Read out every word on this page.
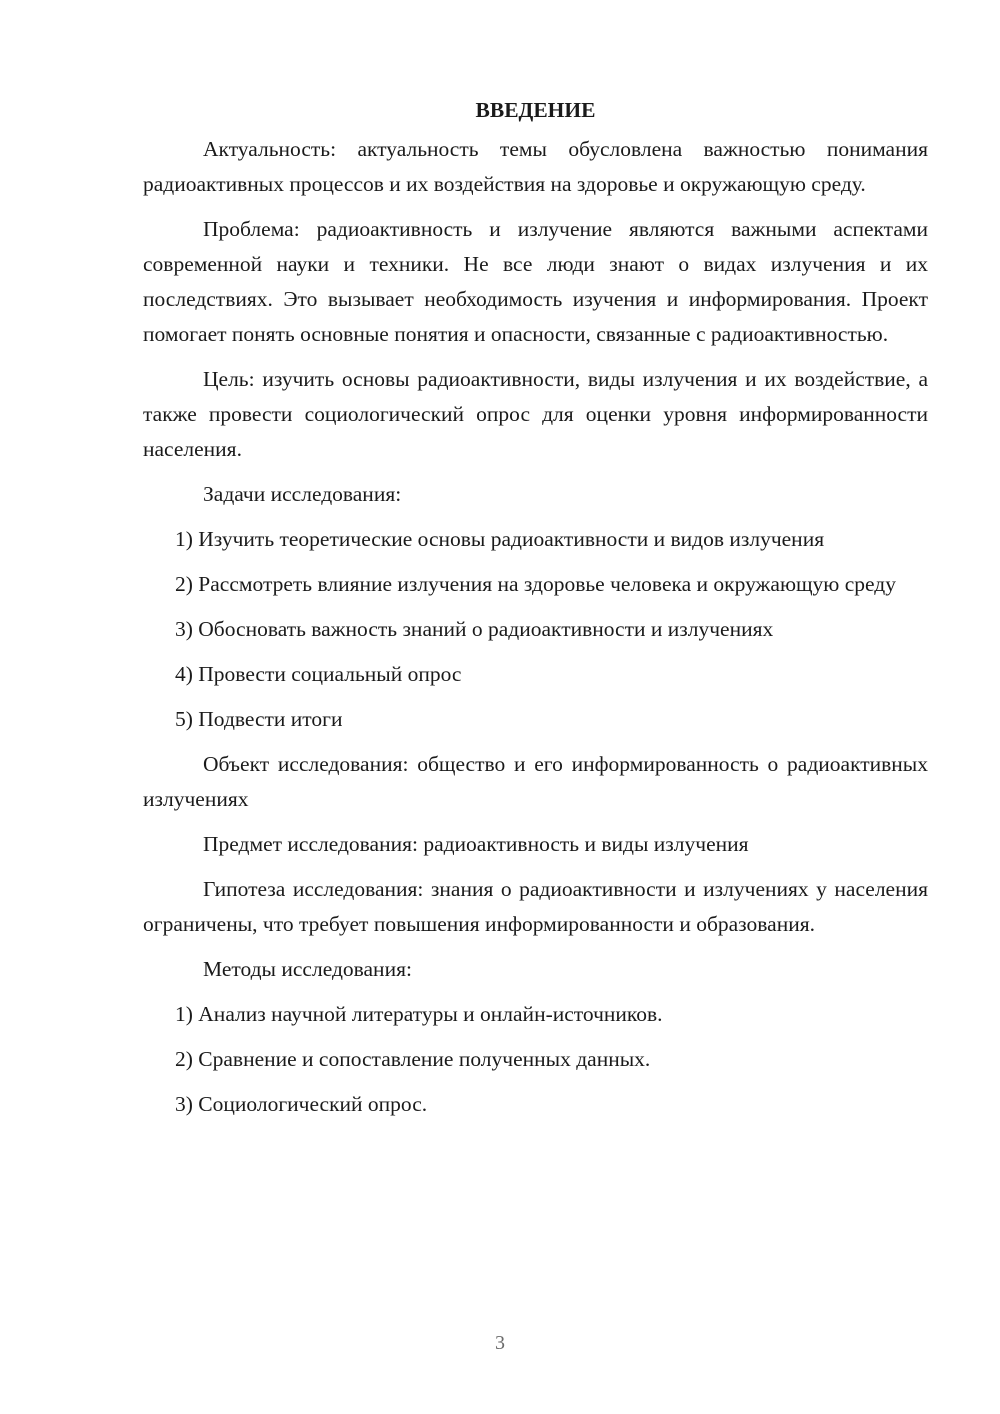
ВВЕДЕНИЕ

Актуальность: актуальность темы обусловлена важностью понимания радиоактивных процессов и их воздействия на здоровье и окружающую среду.

Проблема: радиоактивность и излучение являются важными аспектами современной науки и техники. Не все люди знают о видах излучения и их последствиях. Это вызывает необходимость изучения и информирования. Проект помогает понять основные понятия и опасности, связанные с радиоактивностью.

Цель: изучить основы радиоактивности, виды излучения и их воздействие, а также провести социологический опрос для оценки уровня информированности населения.

Задачи исследования:

1) Изучить теоретические основы радиоактивности и видов излучения

2) Рассмотреть влияние излучения на здоровье человека и окружающую среду

3) Обосновать важность знаний о радиоактивности и излучениях

4) Провести социальный опрос

5) Подвести итоги

Объект исследования: общество и его информированность о радиоактивных излучениях

Предмет исследования: радиоактивность и виды излучения

Гипотеза исследования: знания о радиоактивности и излучениях у населения ограничены, что требует повышения информированности и образования.

Методы исследования:

1) Анализ научной литературы и онлайн-источников.

2) Сравнение и сопоставление полученных данных.

3) Социологический опрос.

3
